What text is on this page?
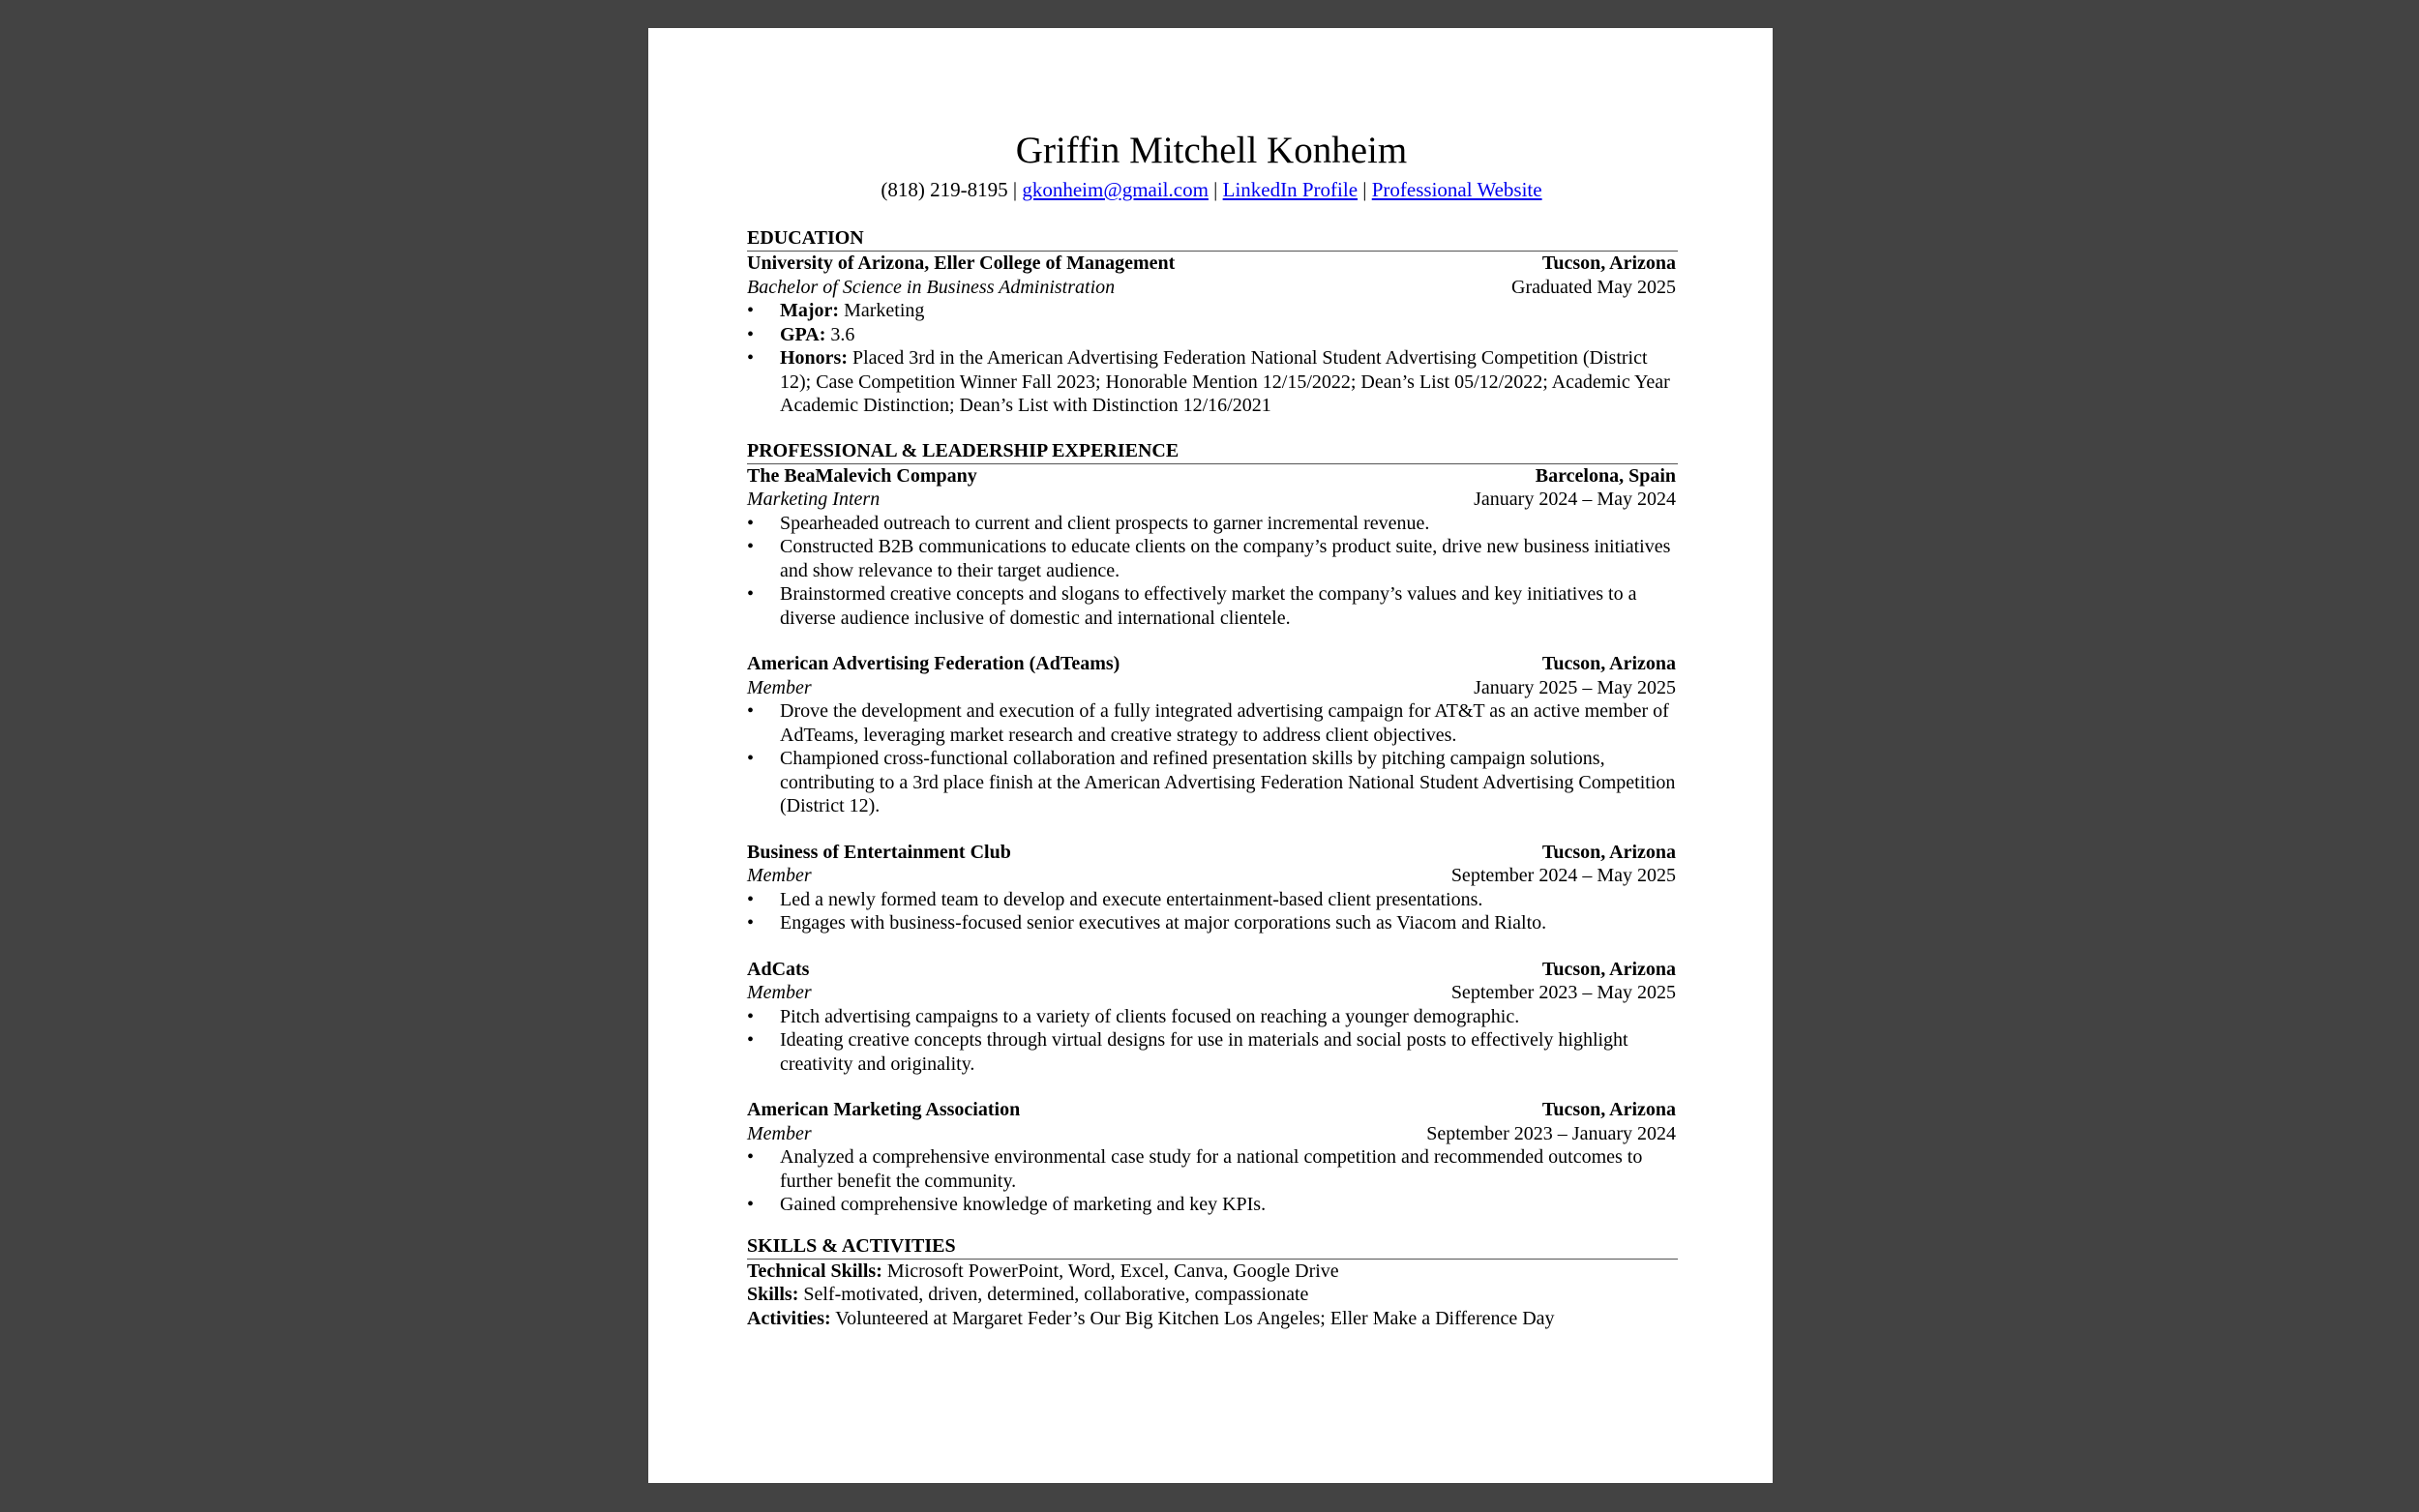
Griffin Mitchell Konheim
(818) 219-8195 | gkonheim@gmail.com | LinkedIn Profile | Professional Website
EDUCATION
University of Arizona, Eller College of Management	Tucson, Arizona
Bachelor of Science in Business Administration	Graduated May 2025
• Major: Marketing
• GPA: 3.6
• Honors: Placed 3rd in the American Advertising Federation National Student Advertising Competition (District 12); Case Competition Winner Fall 2023; Honorable Mention 12/15/2022; Dean’s List 05/12/2022; Academic Year Academic Distinction; Dean’s List with Distinction 12/16/2021
PROFESSIONAL & LEADERSHIP EXPERIENCE
The BeaMalevich Company	Barcelona, Spain
Marketing Intern	January 2024 – May 2024
• Spearheaded outreach to current and client prospects to garner incremental revenue.
• Constructed B2B communications to educate clients on the company’s product suite, drive new business initiatives and show relevance to their target audience.
• Brainstormed creative concepts and slogans to effectively market the company’s values and key initiatives to a diverse audience inclusive of domestic and international clientele.
American Advertising Federation (AdTeams)	Tucson, Arizona
Member	January 2025 – May 2025
• Drove the development and execution of a fully integrated advertising campaign for AT&T as an active member of AdTeams, leveraging market research and creative strategy to address client objectives.
• Championed cross-functional collaboration and refined presentation skills by pitching campaign solutions, contributing to a 3rd place finish at the American Advertising Federation National Student Advertising Competition (District 12).
Business of Entertainment Club	Tucson, Arizona
Member	September 2024 – May 2025
• Led a newly formed team to develop and execute entertainment-based client presentations.
• Engages with business-focused senior executives at major corporations such as Viacom and Rialto.
AdCats	Tucson, Arizona
Member	September 2023 – May 2025
• Pitch advertising campaigns to a variety of clients focused on reaching a younger demographic.
• Ideating creative concepts through virtual designs for use in materials and social posts to effectively highlight creativity and originality.
American Marketing Association	Tucson, Arizona
Member	September 2023 – January 2024
• Analyzed a comprehensive environmental case study for a national competition and recommended outcomes to further benefit the community.
• Gained comprehensive knowledge of marketing and key KPIs.
SKILLS & ACTIVITIES
Technical Skills: Microsoft PowerPoint, Word, Excel, Canva, Google Drive
Skills: Self-motivated, driven, determined, collaborative, compassionate
Activities: Volunteered at Margaret Feder’s Our Big Kitchen Los Angeles; Eller Make a Difference Day
